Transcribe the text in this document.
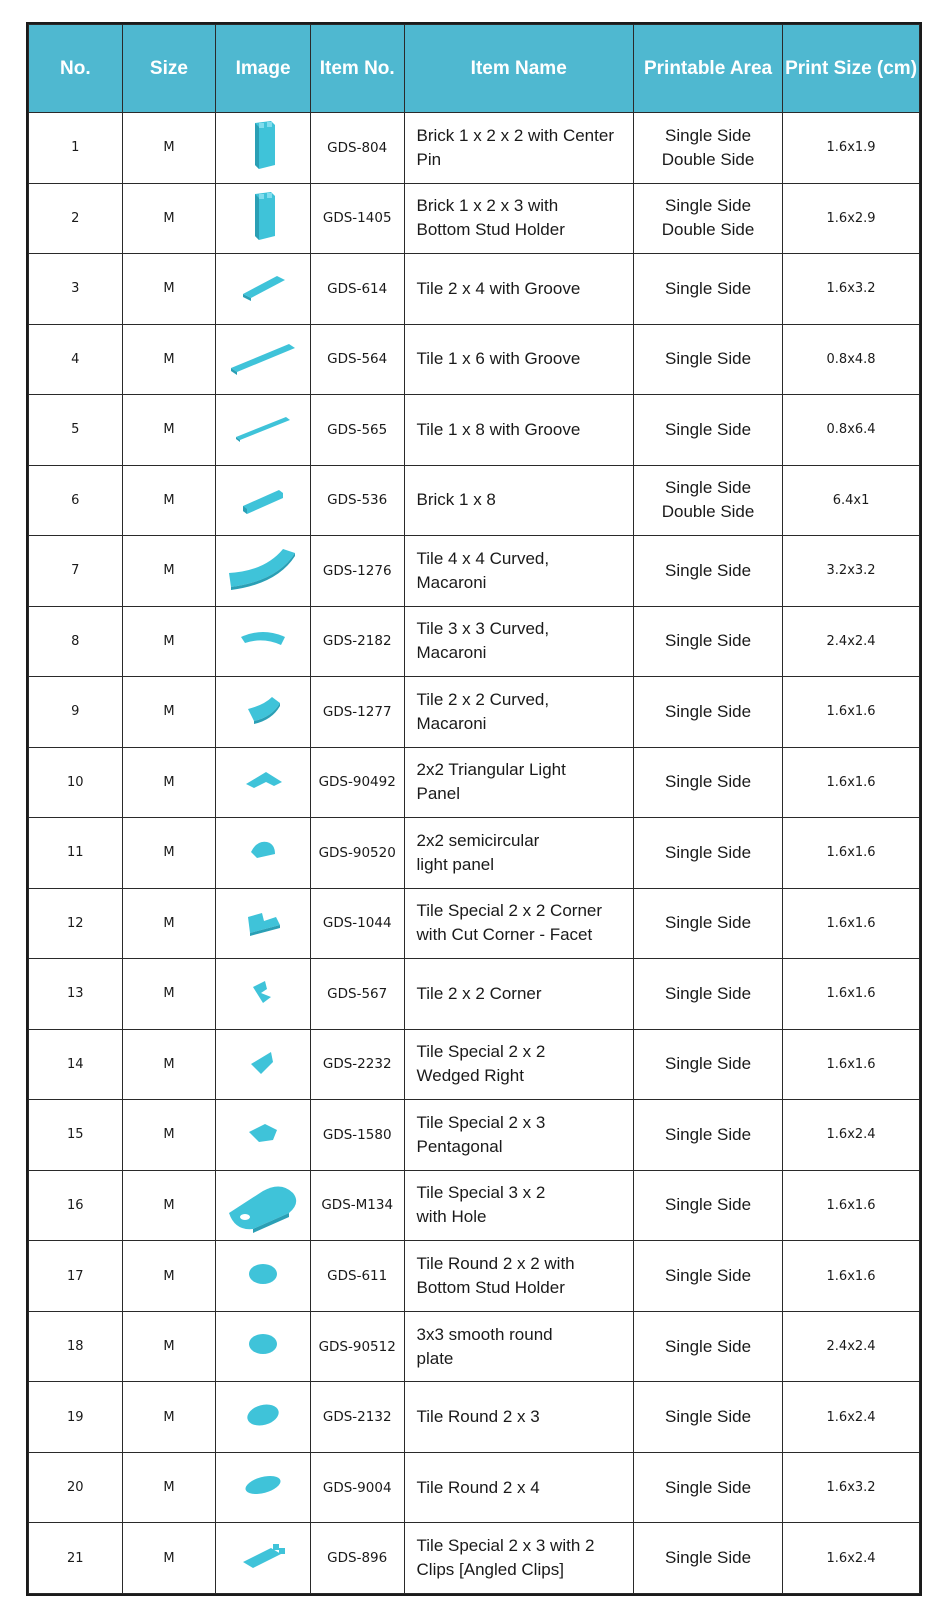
No.	Size	Image	Item No.	Item Name	Printable Area	Print Size (cm)
1	M		GDS-804	Brick 1 x 2 x 2 with Center
Pin	Single Side
Double Side	1.6x1.9
2	M		GDS-1405	Brick 1 x 2 x 3 with
Bottom Stud Holder	Single Side
Double Side	1.6x2.9
3	M		GDS-614	Tile 2 x 4 with Groove	Single Side	1.6x3.2
4	M		GDS-564	Tile 1 x 6 with Groove	Single Side	0.8x4.8
5	M		GDS-565	Tile 1 x 8 with Groove	Single Side	0.8x6.4
6	M		GDS-536	Brick 1 x 8	Single Side
Double Side	6.4x1
7	M		GDS-1276	Tile 4 x 4 Curved,
Macaroni	Single Side	3.2x3.2
8	M		GDS-2182	Tile 3 x 3 Curved,
Macaroni	Single Side	2.4x2.4
9	M		GDS-1277	Tile 2 x 2 Curved,
Macaroni	Single Side	1.6x1.6
10	M		GDS-90492	2x2 Triangular Light
Panel	Single Side	1.6x1.6
11	M		GDS-90520	2x2 semicircular
light panel	Single Side	1.6x1.6
12	M		GDS-1044	Tile Special 2 x 2 Corner
with Cut Corner - Facet	Single Side	1.6x1.6
13	M		GDS-567	Tile 2 x 2 Corner	Single Side	1.6x1.6
14	M		GDS-2232	Tile Special 2 x 2
Wedged Right	Single Side	1.6x1.6
15	M		GDS-1580	Tile Special 2 x 3
Pentagonal	Single Side	1.6x2.4
16	M		GDS-M134	Tile Special 3 x 2
with Hole	Single Side	1.6x1.6
17	M		GDS-611	Tile Round 2 x 2 with
Bottom Stud Holder	Single Side	1.6x1.6
18	M		GDS-90512	3x3 smooth round
plate	Single Side	2.4x2.4
19	M		GDS-2132	Tile Round 2 x 3	Single Side	1.6x2.4
20	M		GDS-9004	Tile Round 2 x 4	Single Side	1.6x3.2
21	M		GDS-896	Tile Special 2 x 3 with 2
Clips [Angled Clips]	Single Side	1.6x2.4
